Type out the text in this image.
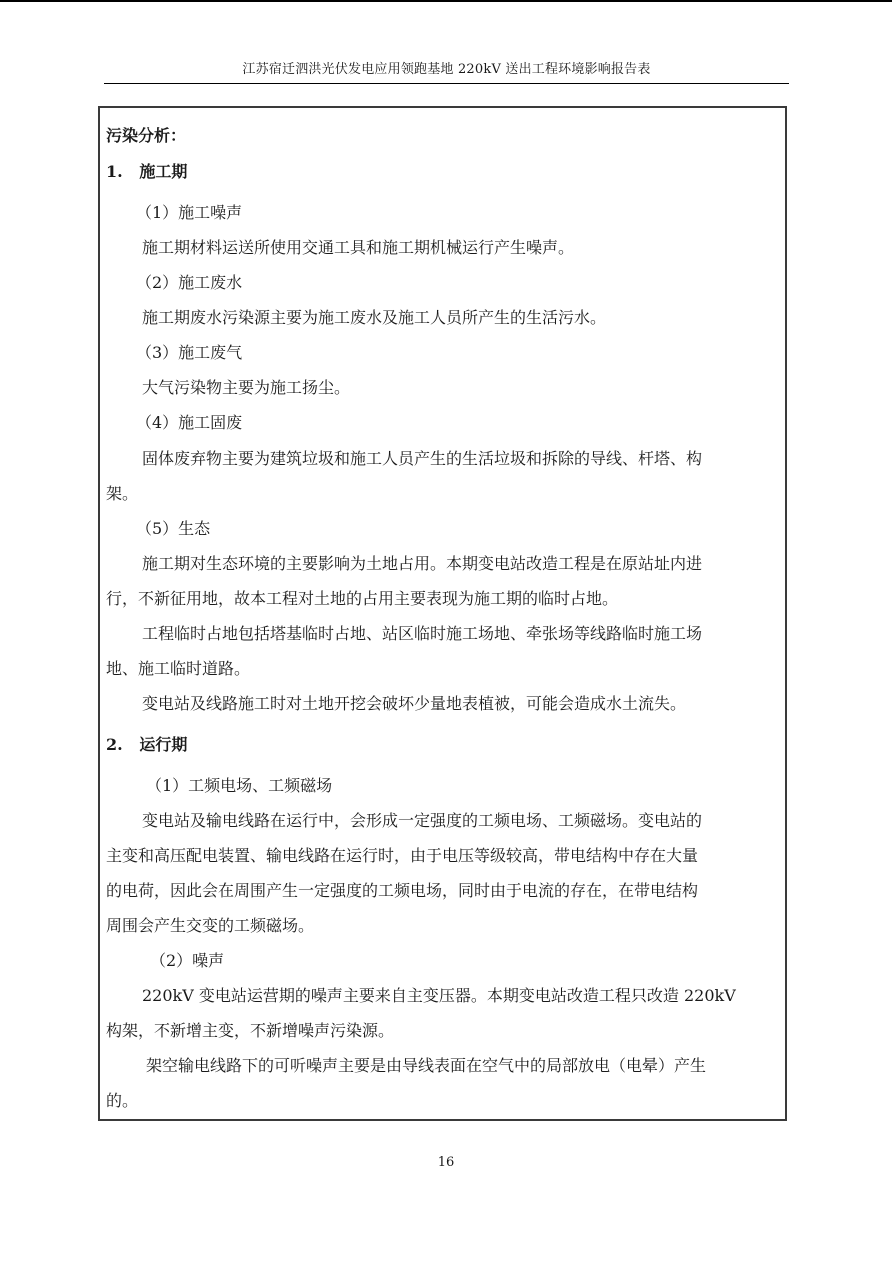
江苏宿迁泗洪光伏发电应用领跑基地 220kV 送出工程环境影响报告表
污染分析：
1. 施工期
（1）施工噪声
施工期材料运送所使用交通工具和施工期机械运行产生噪声。
（2）施工废水
施工期废水污染源主要为施工废水及施工人员所产生的生活污水。
（3）施工废气
大气污染物主要为施工扬尘。
（4）施工固废
固体废弃物主要为建筑垃圾和施工人员产生的生活垃圾和拆除的导线、杆塔、构
架。
（5）生态
施工期对生态环境的主要影响为土地占用。本期变电站改造工程是在原站址内进
行，不新征用地，故本工程对土地的占用主要表现为施工期的临时占地。
工程临时占地包括塔基临时占地、站区临时施工场地、牵张场等线路临时施工场
地、施工临时道路。
变电站及线路施工时对土地开挖会破坏少量地表植被，可能会造成水土流失。
2. 运行期
（1）工频电场、工频磁场
变电站及输电线路在运行中，会形成一定强度的工频电场、工频磁场。变电站的
主变和高压配电装置、输电线路在运行时，由于电压等级较高，带电结构中存在大量
的电荷，因此会在周围产生一定强度的工频电场，同时由于电流的存在，在带电结构
周围会产生交变的工频磁场。
（2）噪声
220kV 变电站运营期的噪声主要来自主变压器。本期变电站改造工程只改造 220kV
构架，不新增主变，不新增噪声污染源。
架空输电线路下的可听噪声主要是由导线表面在空气中的局部放电（电晕）产生
的。
16
